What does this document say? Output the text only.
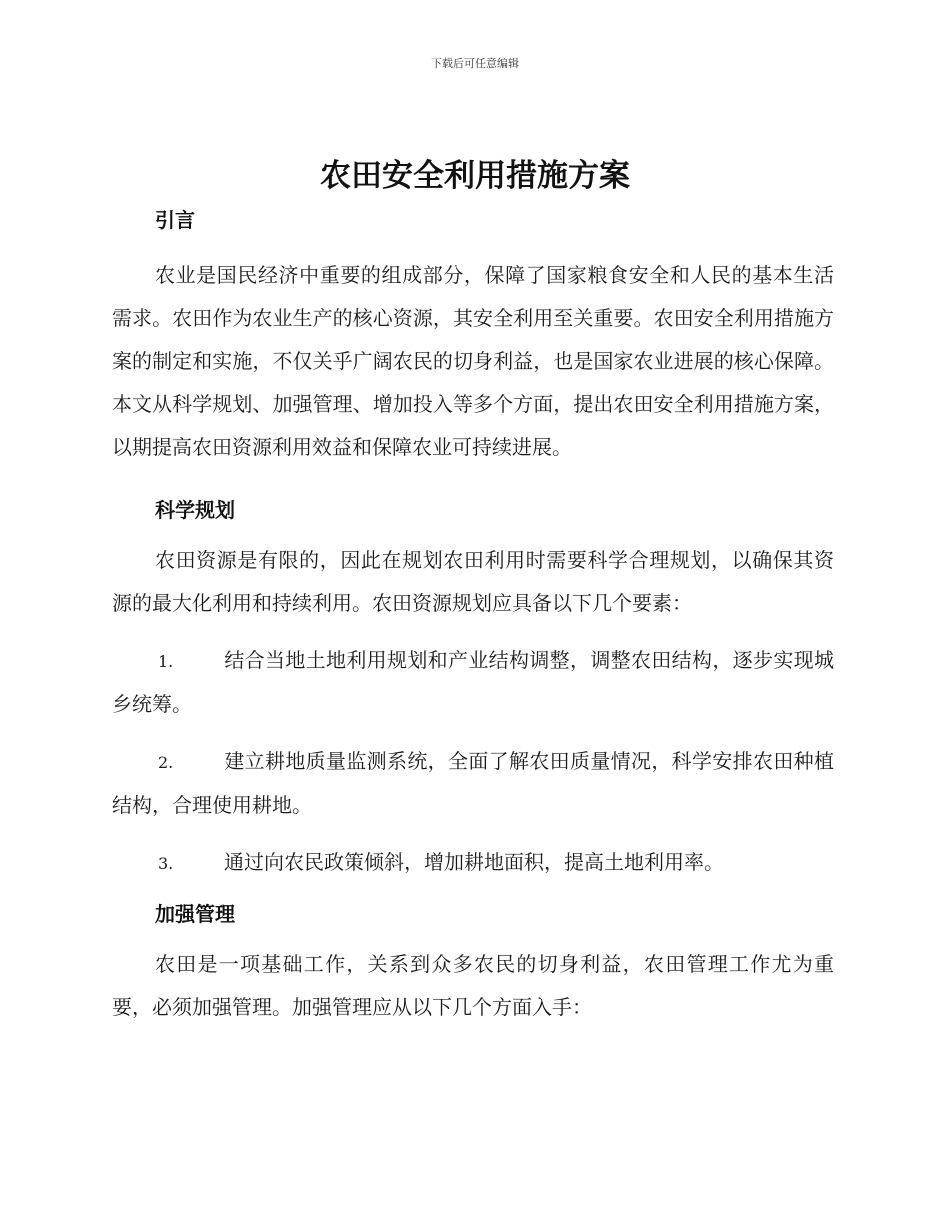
下载后可任意编辑
农田安全利用措施方案
引言
农业是国民经济中重要的组成部分，保障了国家粮食安全和人民的基本生活需求。农田作为农业生产的核心资源，其安全利用至关重要。农田安全利用措施方案的制定和实施，不仅关乎广阔农民的切身利益，也是国家农业进展的核心保障。本文从科学规划、加强管理、增加投入等多个方面，提出农田安全利用措施方案，以期提高农田资源利用效益和保障农业可持续进展。
科学规划
农田资源是有限的，因此在规划农田利用时需要科学合理规划，以确保其资源的最大化利用和持续利用。农田资源规划应具备以下几个要素：
1.	结合当地土地利用规划和产业结构调整，调整农田结构，逐步实现城乡统筹。
2.	建立耕地质量监测系统，全面了解农田质量情况，科学安排农田种植结构，合理使用耕地。
3.	通过向农民政策倾斜，增加耕地面积，提高土地利用率。
加强管理
农田是一项基础工作，关系到众多农民的切身利益，农田管理工作尤为重要，必须加强管理。加强管理应从以下几个方面入手：
